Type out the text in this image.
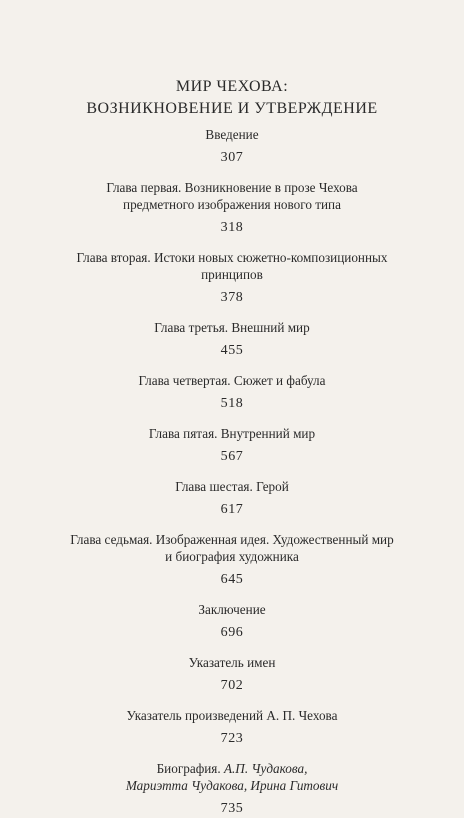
МИР ЧЕХОВА:
ВОЗНИКНОВЕНИЕ И УТВЕРЖДЕНИЕ
Введение
307
Глава первая. Возникновение в прозе Чехова
предметного изображения нового типа
318
Глава вторая. Истоки новых сюжетно-композиционных
принципов
378
Глава третья. Внешний мир
455
Глава четвертая. Сюжет и фабула
518
Глава пятая. Внутренний мир
567
Глава шестая. Герой
617
Глава седьмая. Изображенная идея. Художественный мир
и биография художника
645
Заключение
696
Указатель имен
702
Указатель произведений А. П. Чехова
723
Биография. А.П. Чудакова,
Мариэтта Чудакова, Ирина Гитович
735
